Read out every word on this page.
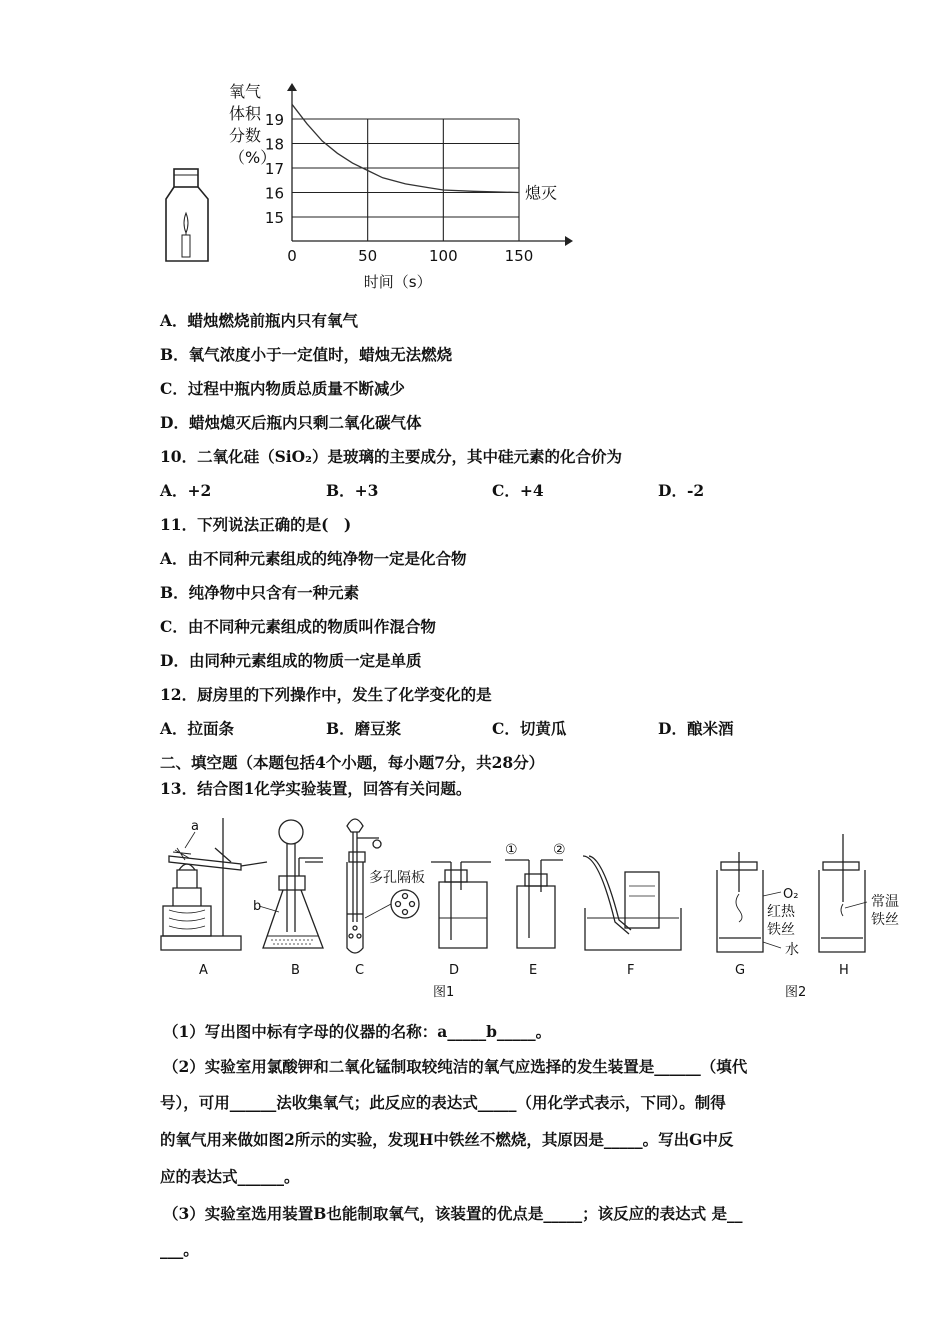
氧气
体积
分数
（%）
15
16
17
18
19
0	50	100	150
熄灭
时间（s）
A．蜡烛燃烧前瓶内只有氧气
B．氧气浓度小于一定值时，蜡烛无法燃烧
C．过程中瓶内物质总质量不断减少
D．蜡烛熄灭后瓶内只剩二氧化碳气体
10．二氧化硅（SiO₂）是玻璃的主要成分，其中硅元素的化合价为
A．+2	B．+3	C．+4	D．-2
11．下列说法正确的是(　)
A．由不同种元素组成的纯净物一定是化合物
B．纯净物中只含有一种元素
C．由不同种元素组成的物质叫作混合物
D．由同种元素组成的物质一定是单质
12．厨房里的下列操作中，发生了化学变化的是
A．拉面条	B．磨豆浆	C．切黄瓜	D．酿米酒
二、填空题（本题包括4个小题，每小题7分，共28分）
13．结合图1化学实验装置，回答有关问题。
a
b
多孔隔板
①	②
O₂
红热
铁丝
水
常温
铁丝
A	B	C	D	E	F	G	H
图1	图2
（1）写出图中标有字母的仪器的名称：a_____b_____。
（2）实验室用氯酸钾和二氧化锰制取较纯洁的氧气应选择的发生装置是______（填代
号），可用______法收集氧气；此反应的表达式_____（用化学式表示，下同）。制得
的氧气用来做如图2所示的实验，发现H中铁丝不燃烧，其原因是_____。写出G中反
应的表达式______。
（3）实验室选用装置B也能制取氧气，该装置的优点是_____；该反应的表达式 是__
___。
